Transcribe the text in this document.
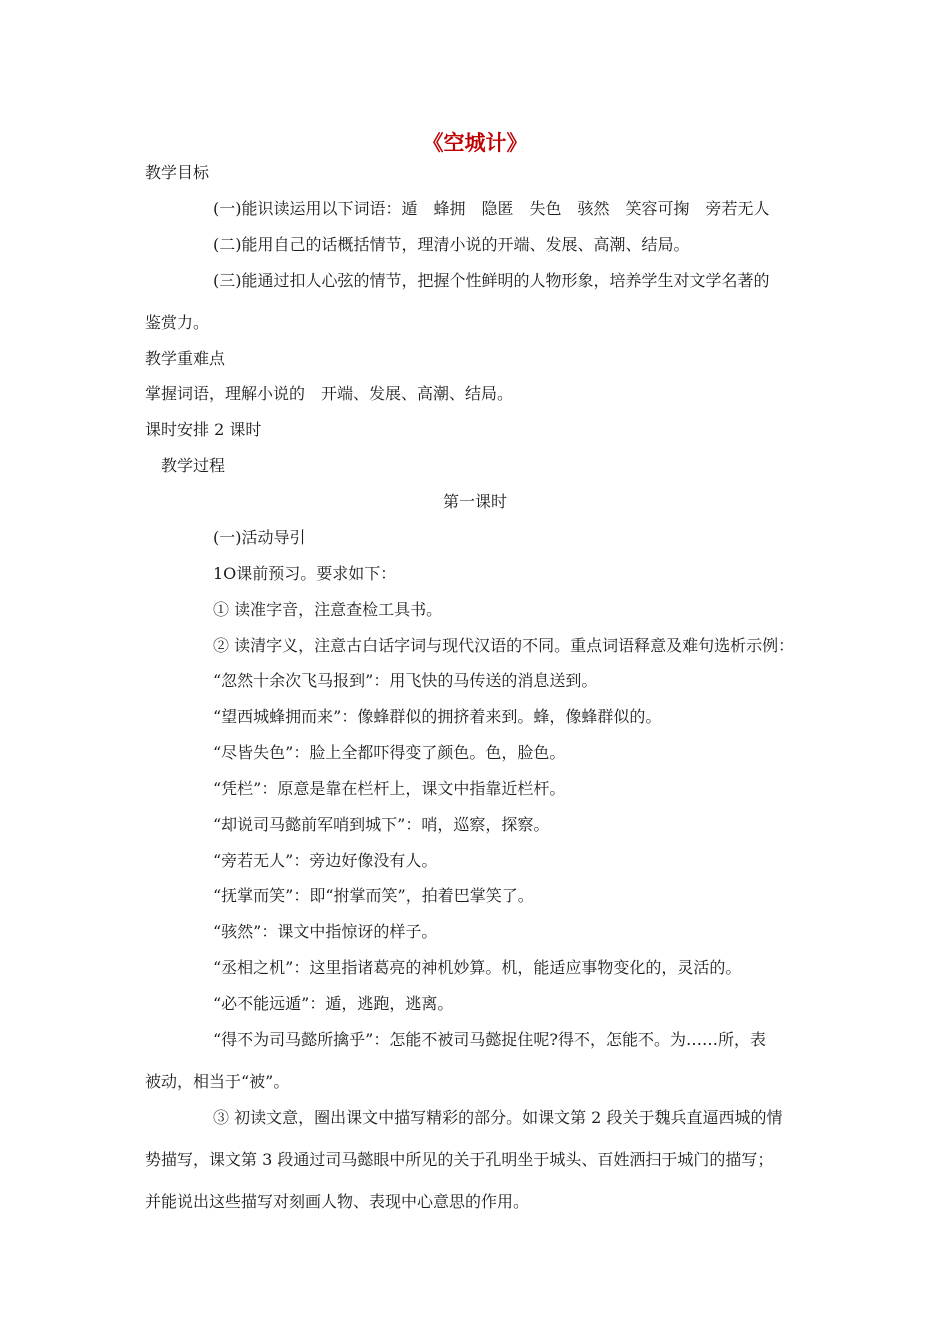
《空城计》
教学目标
(一)能识读运用以下词语：遁　蜂拥　隐匿　失色　骇然　笑容可掬　旁若无人
(二)能用自己的话概括情节，理清小说的开端、发展、高潮、结局。
(三)能通过扣人心弦的情节，把握个性鲜明的人物形象，培养学生对文学名著的
鉴赏力。
教学重难点
掌握词语，理解小说的　开端、发展、高潮、结局。
课时安排 2 课时
教学过程
第一课时
(一)活动导引
1O课前预习。要求如下：
① 读准字音，注意查检工具书。
② 读清字义，注意古白话字词与现代汉语的不同。重点词语释意及难句选析示例：
“忽然十余次飞马报到”：用飞快的马传送的消息送到。
“望西城蜂拥而来”：像蜂群似的拥挤着来到。蜂，像蜂群似的。
“尽皆失色”：脸上全都吓得变了颜色。色，脸色。
“凭栏”：原意是靠在栏杆上，课文中指靠近栏杆。
“却说司马懿前军哨到城下”：哨，巡察，探察。
“旁若无人”：旁边好像没有人。
“抚掌而笑”：即“拊掌而笑”，拍着巴掌笑了。
“骇然”：课文中指惊讶的样子。
“丞相之机”：这里指诸葛亮的神机妙算。机，能适应事物变化的，灵活的。
“必不能远遁”：遁，逃跑，逃离。
“得不为司马懿所擒乎”：怎能不被司马懿捉住呢?得不，怎能不。为……所，表
被动，相当于“被”。
③ 初读文意，圈出课文中描写精彩的部分。如课文第 2 段关于魏兵直逼西城的情
势描写，课文第 3 段通过司马懿眼中所见的关于孔明坐于城头、百姓洒扫于城门的描写；
并能说出这些描写对刻画人物、表现中心意思的作用。
